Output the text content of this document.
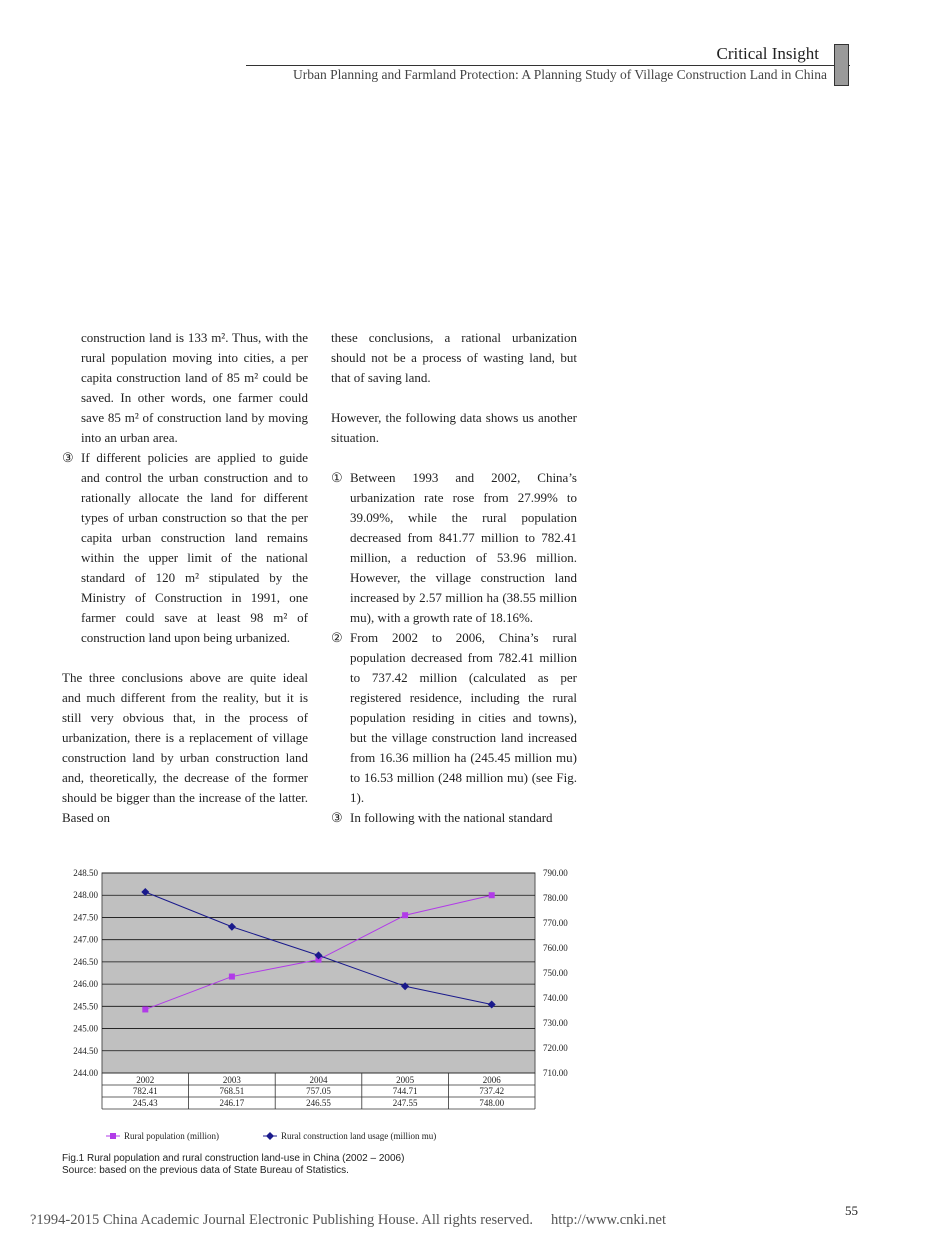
Critical Insight
Urban Planning and Farmland Protection: A Planning Study of Village Construction Land in China

construction land is 133 m². Thus, with the rural population moving into cities, a per capita construction land of 85 m² could be saved. In other words, one farmer could save 85 m² of construction land by moving into an urban area.

③ If different policies are applied to guide and control the urban construction and to rationally allocate the land for different types of urban construction so that the per capita urban construction land remains within the upper limit of the national standard of 120 m² stipulated by the Ministry of Construction in 1991, one farmer could save at least 98 m² of construction land upon being urbanized.

The three conclusions above are quite ideal and much different from the reality, but it is still very obvious that, in the process of urbanization, there is a replacement of village construction land by urban construction land and, theoretically, the decrease of the former should be bigger than the increase of the latter. Based on

these conclusions, a rational urbanization should not be a process of wasting land, but that of saving land.

However, the following data shows us another situation.

① Between 1993 and 2002, China’s urbanization rate rose from 27.99% to 39.09%, while the rural population decreased from 841.77 million to 782.41 million, a reduction of 53.96 million. However, the village construction land increased by 2.57 million ha (38.55 million mu), with a growth rate of 18.16%.

② From 2002 to 2006, China’s rural population decreased from 782.41 million to 737.42 million (calculated as per registered residence, including the rural population residing in cities and towns), but the village construction land increased from 16.36 million ha (245.45 million mu) to 16.53 million (248 million mu) (see Fig. 1).

③ In following with the national standard

248.50
248.00
247.50
247.00
246.50
246.00
245.50
245.00
244.50
244.00
790.00
780.00
770.00
760.00
750.00
740.00
730.00
720.00
710.00
2002	2003	2004	2005	2006
782.41	768.51	757.05	744.71	737.42
245.43	246.17	246.55	247.55	748.00
Rural population (million)	Rural construction land usage (million mu)
Fig.1 Rural population and rural construction land-use in China (2002 – 2006)
Source: based on the previous data of State Bureau of Statistics.
55
?1994-2015 China Academic Journal Electronic Publishing House. All rights reserved. http://www.cnki.net
